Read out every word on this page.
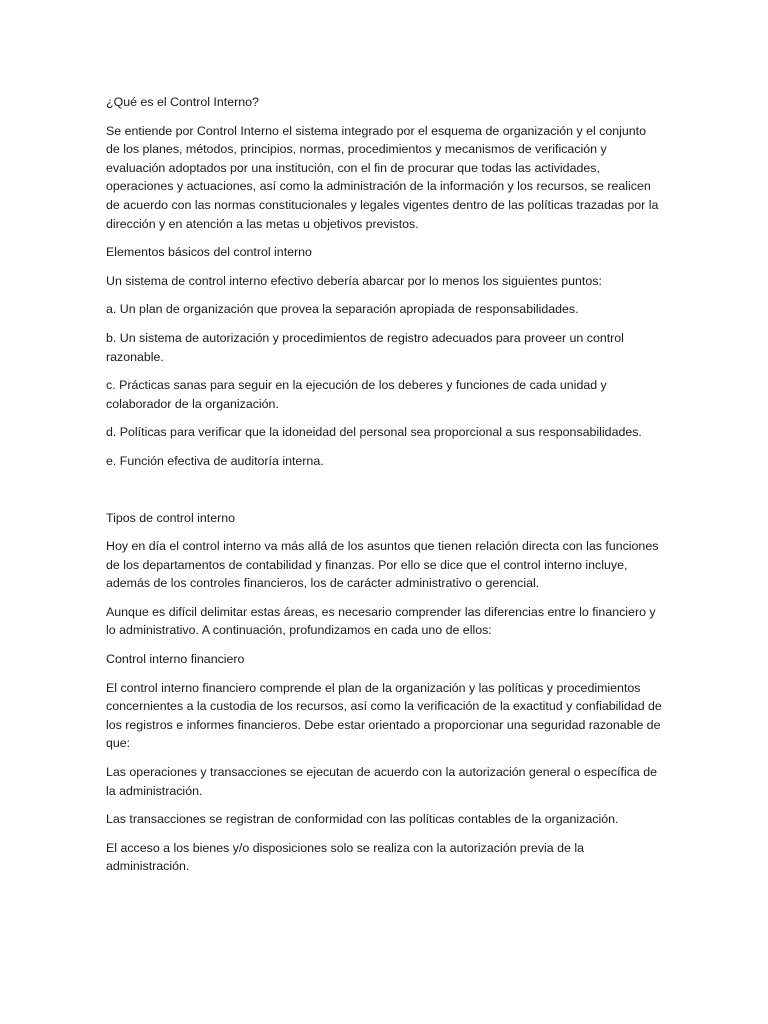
¿Qué es el Control Interno?

Se entiende por Control Interno el sistema integrado por el esquema de organización y el conjunto de los planes, métodos, principios, normas, procedimientos y mecanismos de verificación y evaluación adoptados por una institución, con el fin de procurar que todas las actividades, operaciones y actuaciones, así como la administración de la información y los recursos, se realicen de acuerdo con las normas constitucionales y legales vigentes dentro de las políticas trazadas por la dirección y en atención a las metas u objetivos previstos.

Elementos básicos del control interno

Un sistema de control interno efectivo debería abarcar por lo menos los siguientes puntos:

a. Un plan de organización que provea la separación apropiada de responsabilidades.

b. Un sistema de autorización y procedimientos de registro adecuados para proveer un control razonable.

c. Prácticas sanas para seguir en la ejecución de los deberes y funciones de cada unidad y colaborador de la organización.

d. Políticas para verificar que la idoneidad del personal sea proporcional a sus responsabilidades.

e. Función efectiva de auditoría interna.

Tipos de control interno

Hoy en día el control interno va más allá de los asuntos que tienen relación directa con las funciones de los departamentos de contabilidad y finanzas. Por ello se dice que el control interno incluye, además de los controles financieros, los de carácter administrativo o gerencial.

Aunque es difícil delimitar estas áreas, es necesario comprender las diferencias entre lo financiero y lo administrativo. A continuación, profundizamos en cada uno de ellos:

Control interno financiero

El control interno financiero comprende el plan de la organización y las políticas y procedimientos concernientes a la custodia de los recursos, así como la verificación de la exactitud y confiabilidad de los registros e informes financieros. Debe estar orientado a proporcionar una seguridad razonable de que:

Las operaciones y transacciones se ejecutan de acuerdo con la autorización general o específica de la administración.

Las transacciones se registran de conformidad con las políticas contables de la organización.

El acceso a los bienes y/o disposiciones solo se realiza con la autorización previa de la administración.
